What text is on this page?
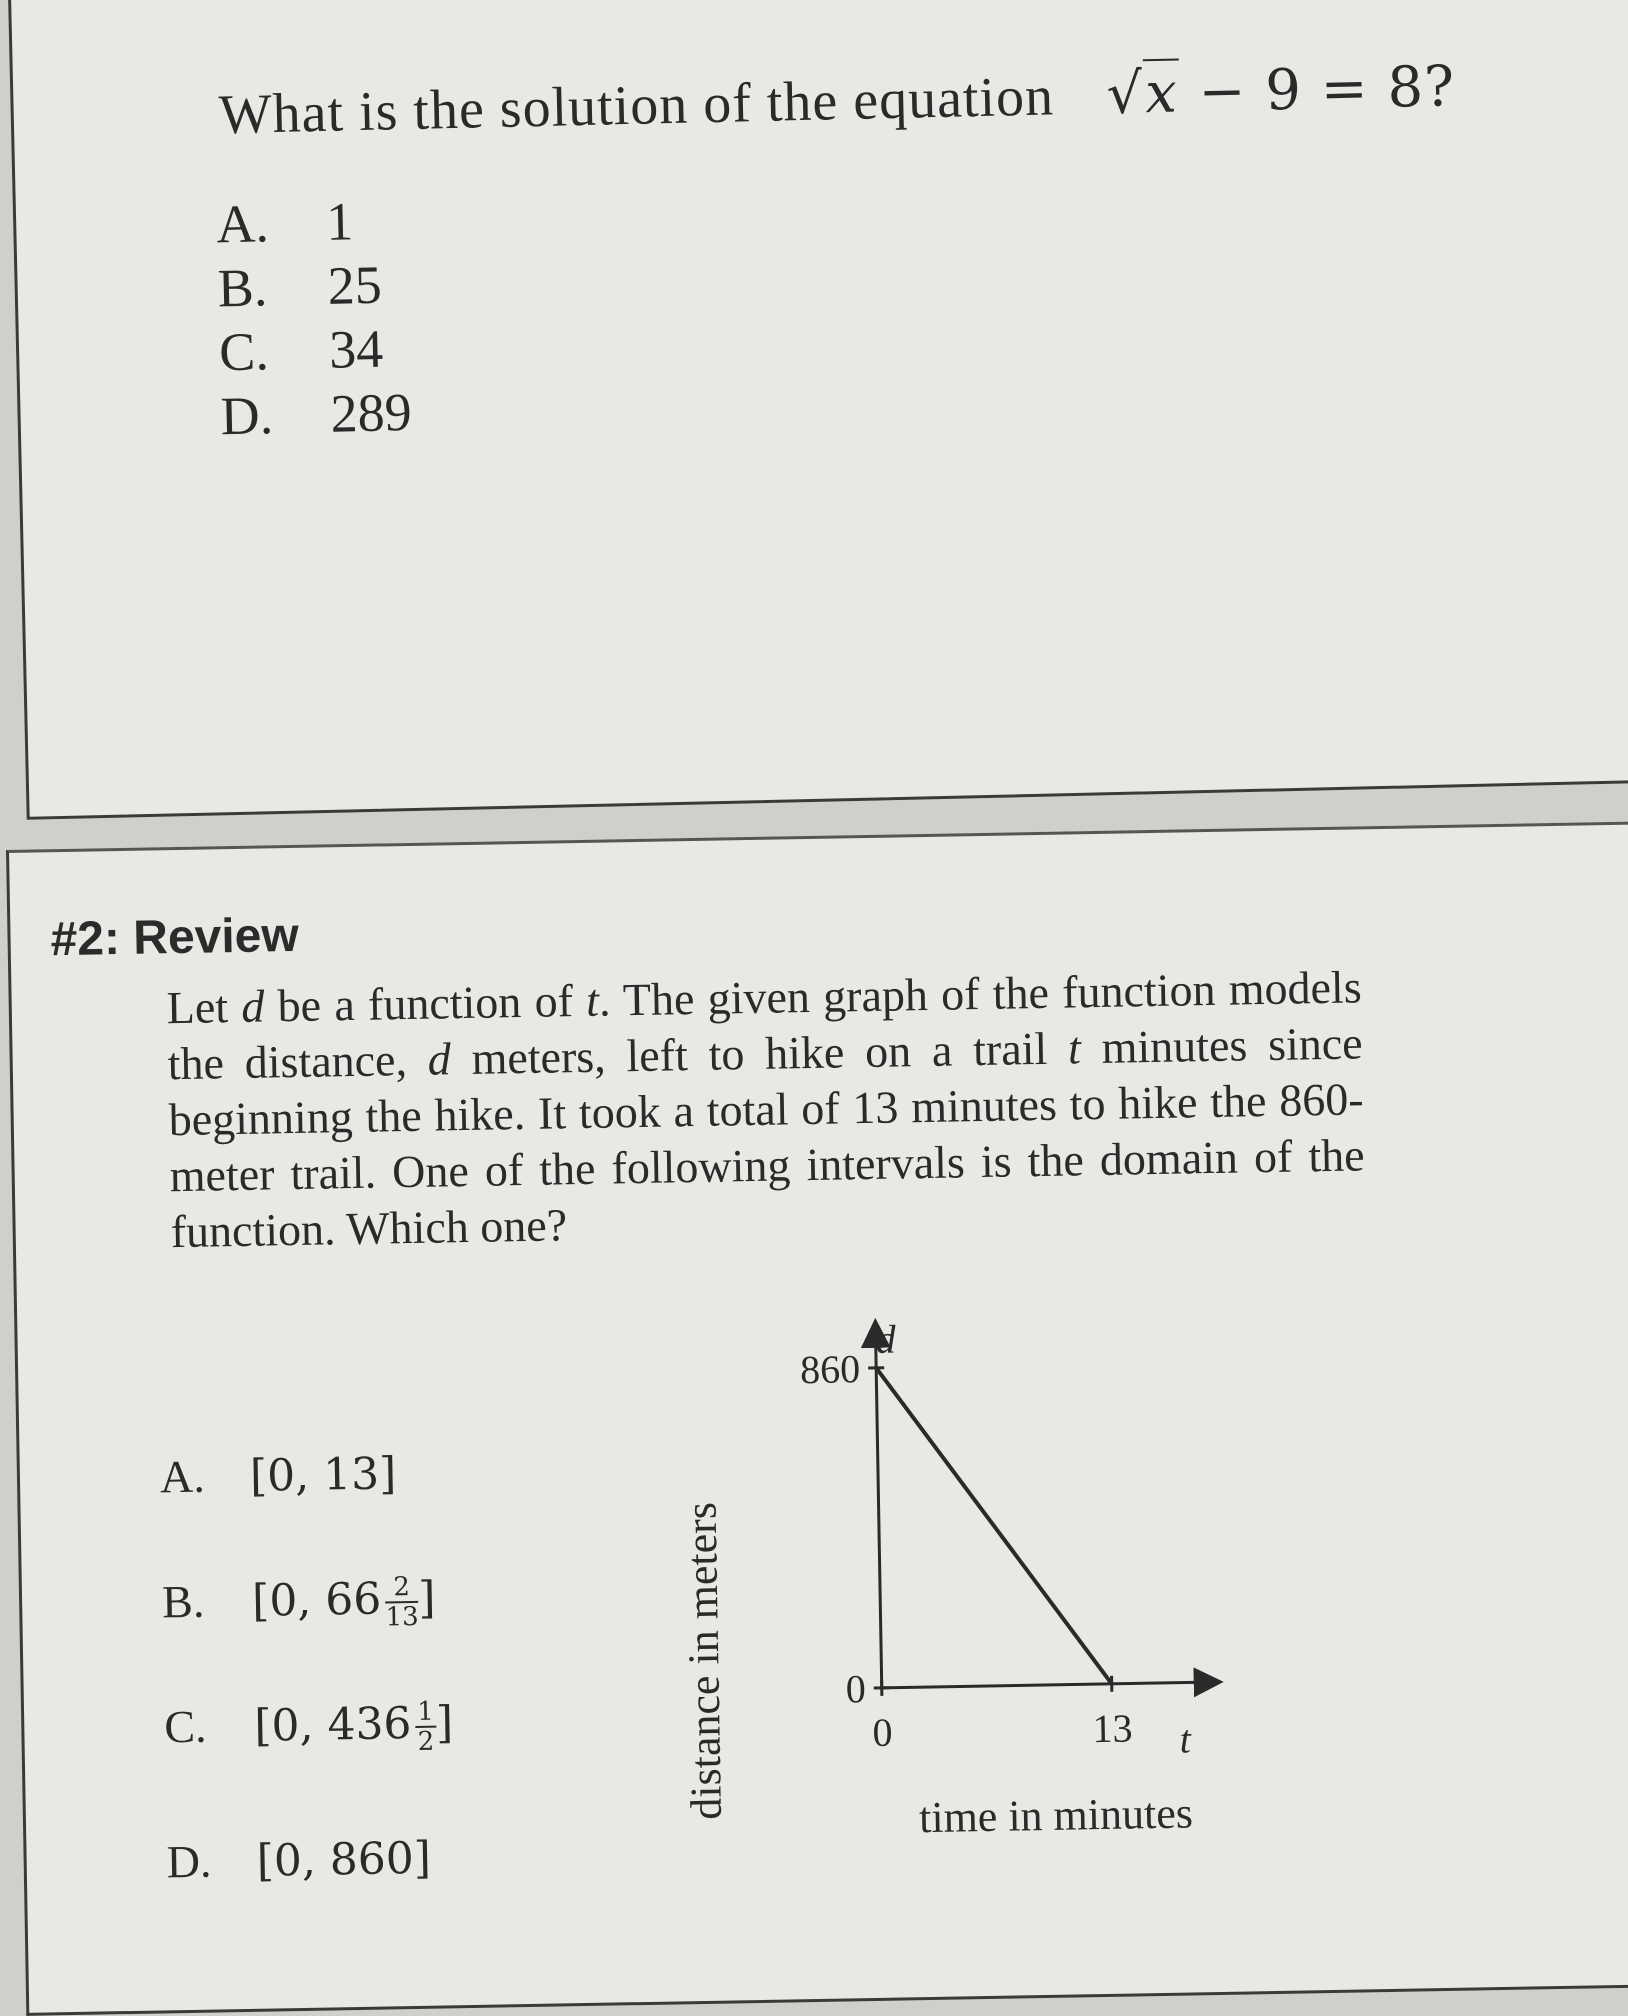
What is the solution of the equation   √x − 9 = 8?
A. 1
B. 25
C. 34
D. 289
#2: Review
Let d be a function of t. The given graph of the function models the distance, d meters, left to hike on a trail t minutes since beginning the hike. It took a total of 13 minutes to hike the 860-meter trail. One of the following intervals is the domain of the function. Which one?
A. [0, 13]
B. [0, $66 \frac{2}{13}$
]
C. [0, $436 \frac{1}{2}$
]
D. [0, 860]
d
t
0
860
0	13
distance in meters	time in minutes
